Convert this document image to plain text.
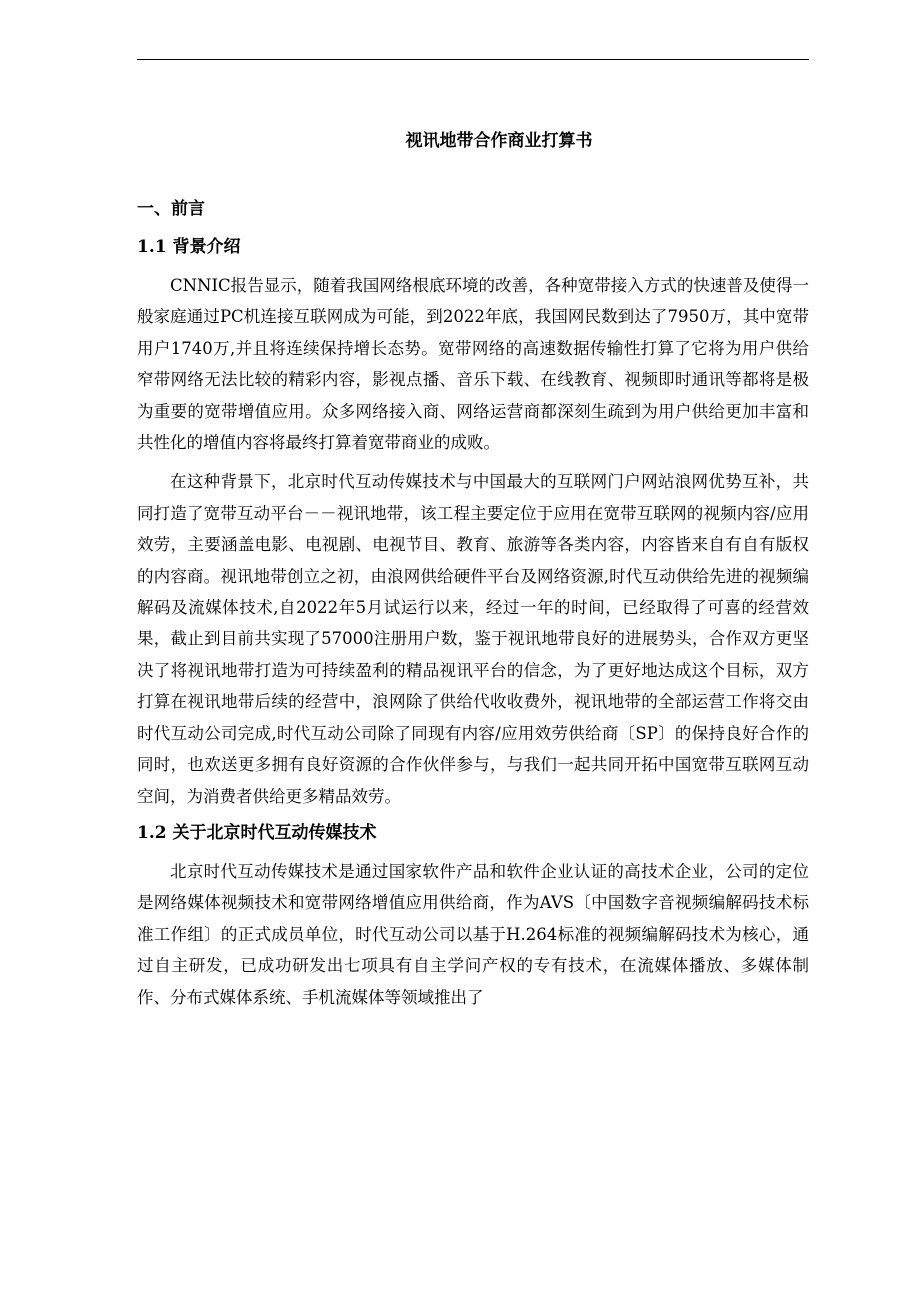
视讯地带合作商业打算书
一、前言
1.1 背景介绍

CNNIC报告显示，随着我国网络根底环境的改善，各种宽带接入方式的快速普及使得一般家庭通过PC机连接互联网成为可能，到2022年底，我国网民数到达了7950万，其中宽带用户1740万,并且将连续保持增长态势。宽带网络的高速数据传输性打算了它将为用户供给窄带网络无法比较的精彩内容，影视点播、音乐下载、在线教育、视频即时通讯等都将是极为重要的宽带增值应用。众多网络接入商、网络运营商都深刻生疏到为用户供给更加丰富和共性化的增值内容将最终打算着宽带商业的成败。

在这种背景下，北京时代互动传媒技术与中国最大的互联网门户网站浪网优势互补，共同打造了宽带互动平台－－视讯地带，该工程主要定位于应用在宽带互联网的视频内容/应用效劳，主要涵盖电影、电视剧、电视节目、教育、旅游等各类内容，内容皆来自有自有版权的内容商。视讯地带创立之初，由浪网供给硬件平台及网络资源,时代互动供给先进的视频编解码及流媒体技术,自2022年5月试运行以来，经过一年的时间，已经取得了可喜的经营效果，截止到目前共实现了57000注册用户数，鉴于视讯地带良好的进展势头，合作双方更坚决了将视讯地带打造为可持续盈利的精品视讯平台的信念，为了更好地达成这个目标，双方打算在视讯地带后续的经营中，浪网除了供给代收收费外，视讯地带的全部运营工作将交由时代互动公司完成,时代互动公司除了同现有内容/应用效劳供给商〔SP〕的保持良好合作的同时，也欢送更多拥有良好资源的合作伙伴参与，与我们一起共同开拓中国宽带互联网互动空间，为消费者供给更多精品效劳。

1.2 关于北京时代互动传媒技术

北京时代互动传媒技术是通过国家软件产品和软件企业认证的高技术企业，公司的定位是网络媒体视频技术和宽带网络增值应用供给商，作为AVS〔中国数字音视频编解码技术标准工作组〕的正式成员单位，时代互动公司以基于H.264标准的视频编解码技术为核心，通过自主研发，已成功研发出七项具有自主学问产权的专有技术，在流媒体播放、多媒体制作、分布式媒体系统、手机流媒体等领域推出了
